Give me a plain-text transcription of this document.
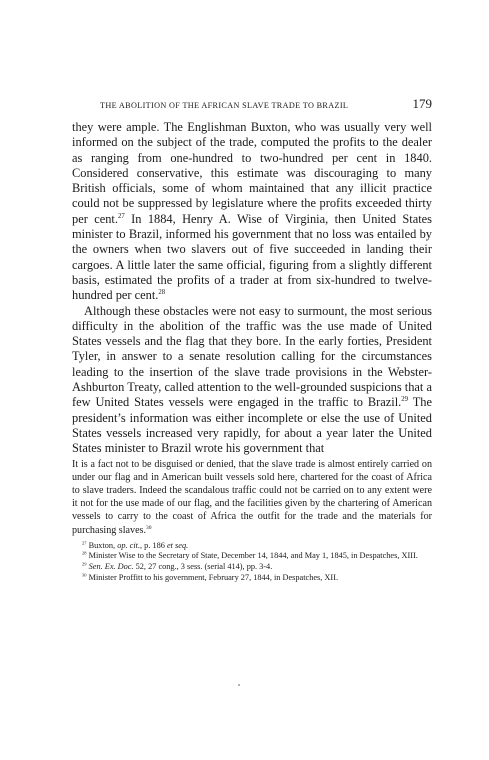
THE ABOLITION OF THE AFRICAN SLAVE TRADE TO BRAZIL	179

they were ample. The Englishman Buxton, who was usually very well informed on the subject of the trade, computed the profits to the dealer as ranging from one-hundred to two-hundred per cent in 1840. Considered conservative, this estimate was discouraging to many British officials, some of whom maintained that any illicit practice could not be suppressed by legislature where the profits exceeded thirty per cent.$^{27}$ In 1884, Henry A. Wise of Virginia, then United States minister to Brazil, informed his government that no loss was entailed by the owners when two slavers out of five succeeded in landing their cargoes. A little later the same official, figuring from a slightly different basis, estimated the profits of a trader at from six-hundred to twelve-hundred per cent.$^{28}$

Although these obstacles were not easy to surmount, the most serious difficulty in the abolition of the traffic was the use made of United States vessels and the flag that they bore. In the early forties, President Tyler, in answer to a senate resolution calling for the circumstances leading to the insertion of the slave trade provisions in the Webster-Ashburton Treaty, called attention to the well-grounded suspicions that a few United States vessels were engaged in the traffic to Brazil.$^{29}$ The president’s information was either incomplete or else the use of United States vessels increased very rapidly, for about a year later the United States minister to Brazil wrote his government that

It is a fact not to be disguised or denied, that the slave trade is almost entirely carried on under our flag and in American built vessels sold here, chartered for the coast of Africa to slave traders. Indeed the scandalous traffic could not be carried on to any extent were it not for the use made of our flag, and the facilities given by the chartering of American vessels to carry to the coast of Africa the outfit for the trade and the materials for purchasing slaves.$^{30}$

$^{27}$ Buxton, op. cit., p. 186 et seq.

$^{28}$ Minister Wise to the Secretary of State, December 14, 1844, and May 1, 1845, in Despatches, XIII.

$^{29}$ Sen. Ex. Doc. 52, 27 cong., 3 sess. (serial 414), pp. 3-4.

$^{30}$ Minister Proffitt to his government, February 27, 1844, in Despatches, XII.
